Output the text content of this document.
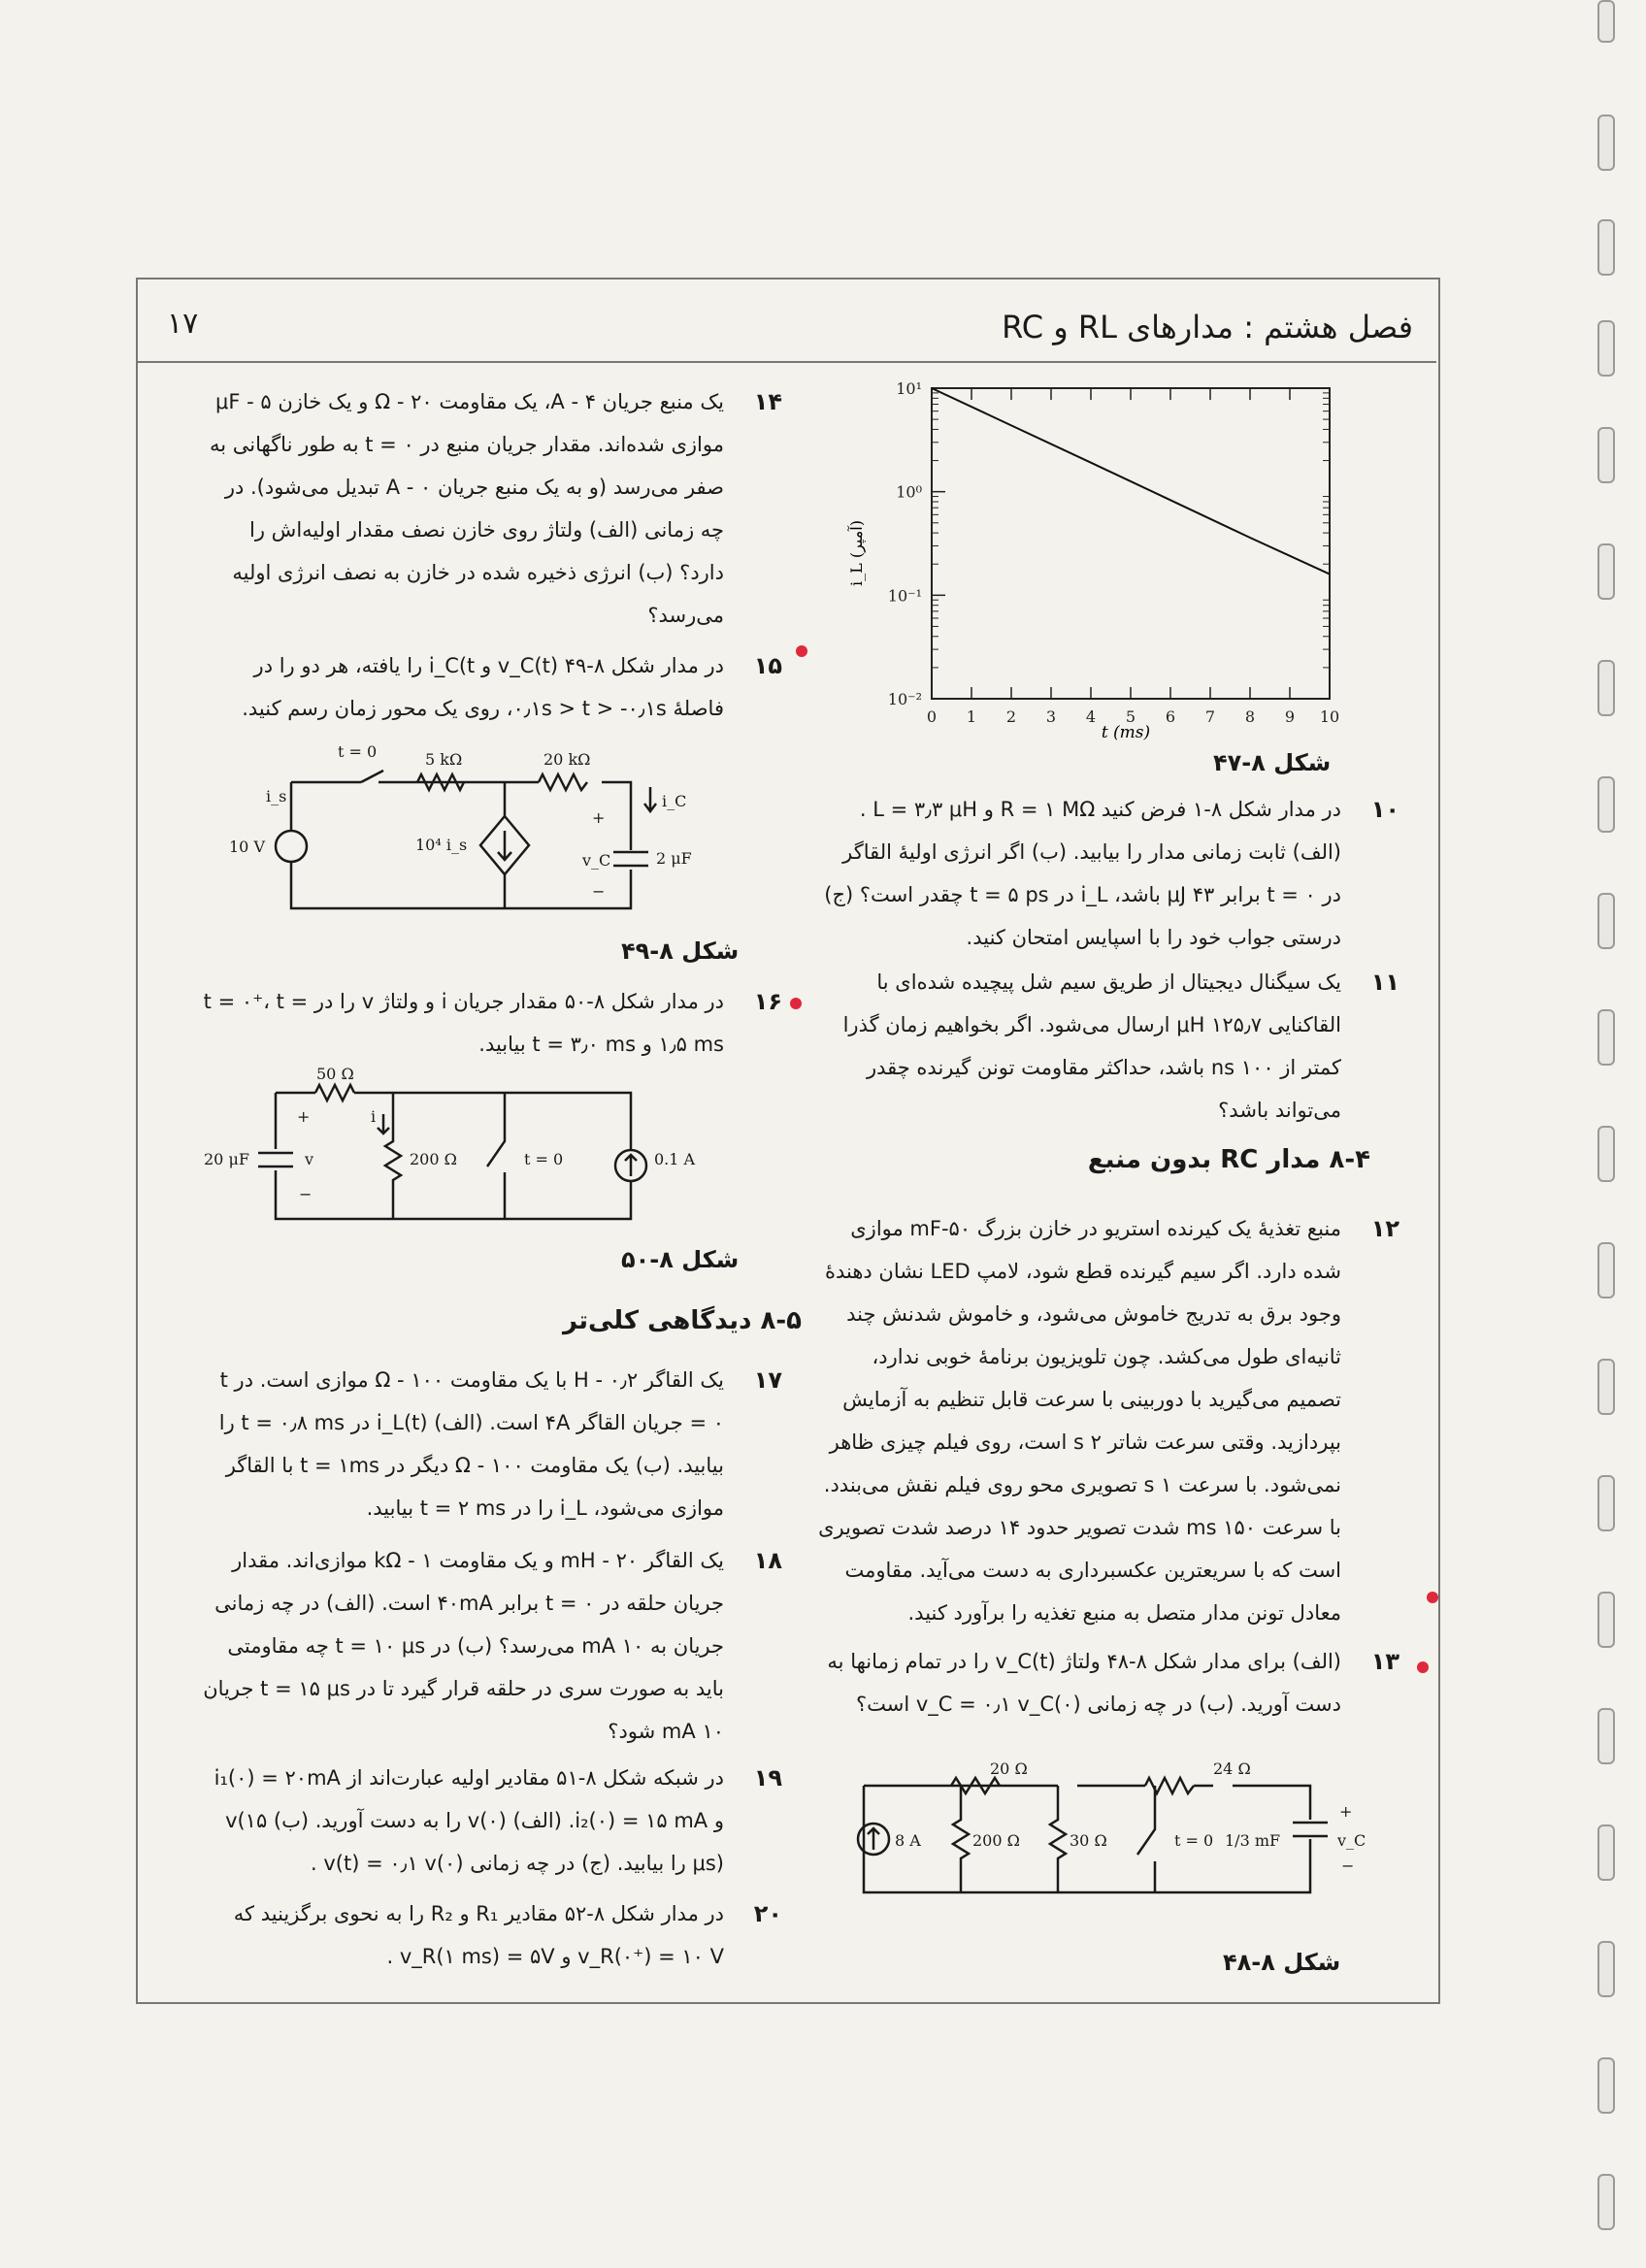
۱۷	فصل هشتم : مدارهای RL و RC
0 1 2 3 4 5 6 7 8 9 10
10¹
10⁰
10⁻¹
10⁻²
i_L (آمپر)
t (ms)
شکل ۸-۴۷
۱۰
در مدار شکل ۸-۱ فرض کنید R = ۱ MΩ و L = ۳٫۳ μH . (الف) ثابت زمانی مدار را بیابید. (ب) اگر انرژی اولیهٔ القاگر در t = ۰ برابر ۴۳ μJ باشد، i_L در t = ۵ ps چقدر است؟ (ج) درستی جواب خود را با اسپایس امتحان کنید.
۱۱
یک سیگنال دیجیتال از طریق سیم شل پیچیده شده‌ای با القاکنایی ۱۲۵٫۷ μH ارسال می‌شود. اگر بخواهیم زمان گذرا کمتر از ۱۰۰ ns باشد، حداکثر مقاومت تونن گیرنده چقدر می‌تواند باشد؟
۸-۴ مدار RC بدون منبع
۱۲
منبع تغذیهٔ یک کیرنده استریو در خازن بزرگ ۵۰-mF موازی شده دارد. اگر سیم گیرنده قطع شود، لامپ LED نشان دهندهٔ وجود برق به تدریج خاموش می‌شود، و خاموش شدنش چند ثانیه‌ای طول می‌کشد. چون تلویزیون برنامهٔ خوبی ندارد، تصمیم می‌گیرید با دوربینی با سرعت قابل تنظیم به آزمایش بپردازید. وقتی سرعت شاتر ۲ s است، روی فیلم چیزی ظاهر نمی‌شود. با سرعت ۱ s تصویری محو روی فیلم نقش می‌بندد. با سرعت ۱۵۰ ms شدت تصویر حدود ۱۴ درصد شدت تصویری است که با سریعترین عکسبرداری به دست می‌آید. مقاومت معادل تونن مدار متصل به منبع تغذیه را برآورد کنید.
۱۳
(الف) برای مدار شکل ۸-۴۸ ولتاژ v_C(t) را در تمام زمانها به دست آورید. (ب) در چه زمانی v_C = ۰٫۱ v_C(۰) است؟
20 Ω	24 Ω
8 A	200 Ω	30 Ω	t = 0 1/3 mF	v_C
+
−
شکل ۸-۴۸
۱۴
یک منبع جریان ۴ - A، یک مقاومت ۲۰ - Ω و یک خازن ۵ - μF موازی شده‌اند. مقدار جریان منبع در t = ۰ به طور ناگهانی به صفر می‌رسد (و به یک منبع جریان ۰ - A تبدیل می‌شود). در چه زمانی (الف) ولتاژ روی خازن نصف مقدار اولیه‌اش را دارد؟ (ب) انرژی ذخیره شده در خازن به نصف انرژی اولیه می‌رسد؟
۱۵
در مدار شکل ۸-۴۹ (v_C(t و i_C(t را یافته، هر دو را در فاصلهٔ ۰٫۱s > t > -۰٫۱s، روی یک محور زمان رسم کنید.
t = 0	5 kΩ	20 kΩ
i_s
10 V	10⁴ i_s
i_C
v_C	2 μF
+
−
شکل ۸-۴۹
۱۶
در مدار شکل ۸-۵۰ مقدار جریان i و ولتاژ v را در t = ۰⁺، t = ۱٫۵ ms و t = ۳٫۰ ms بیابید.
50 Ω
20 μF	200 Ω	t = 0	0.1 A
i
v
+
−
شکل ۸-۵۰
۸-۵ دیدگاهی کلی‌تر
۱۷
یک القاگر ۰٫۲ - H با یک مقاومت ۱۰۰ - Ω موازی است. در t = ۰ جریان القاگر ۴A است. (الف) i_L(t) در t = ۰٫۸ ms را بیابید. (ب) یک مقاومت ۱۰۰ - Ω دیگر در t = ۱ms با القاگر موازی می‌شود، i_L را در t = ۲ ms بیابید.
۱۸
یک القاگر ۲۰ - mH و یک مقاومت ۱ - kΩ موازی‌اند. مقدار جریان حلقه در t = ۰ برابر ۴۰mA است. (الف) در چه زمانی جریان به ۱۰ mA می‌رسد؟ (ب) در t = ۱۰ μs چه مقاومتی باید به صورت سری در حلقه قرار گیرد تا در t = ۱۵ μs جریان ۱۰ mA شود؟
۱۹
در شبکه شکل ۸-۵۱ مقادیر اولیه عبارت‌اند از i₁(۰) = ۲۰mA و i₂(۰) = ۱۵ mA. (الف) v(۰) را به دست آورید. (ب) v(۱۵ μs) را بیابید. (ج) در چه زمانی v(t) = ۰٫۱ v(۰) .
۲۰
در مدار شکل ۸-۵۲ مقادیر R₁ و R₂ را به نحوی برگزینید که v_R(۰⁺) = ۱۰ V و v_R(۱ ms) = ۵V .
